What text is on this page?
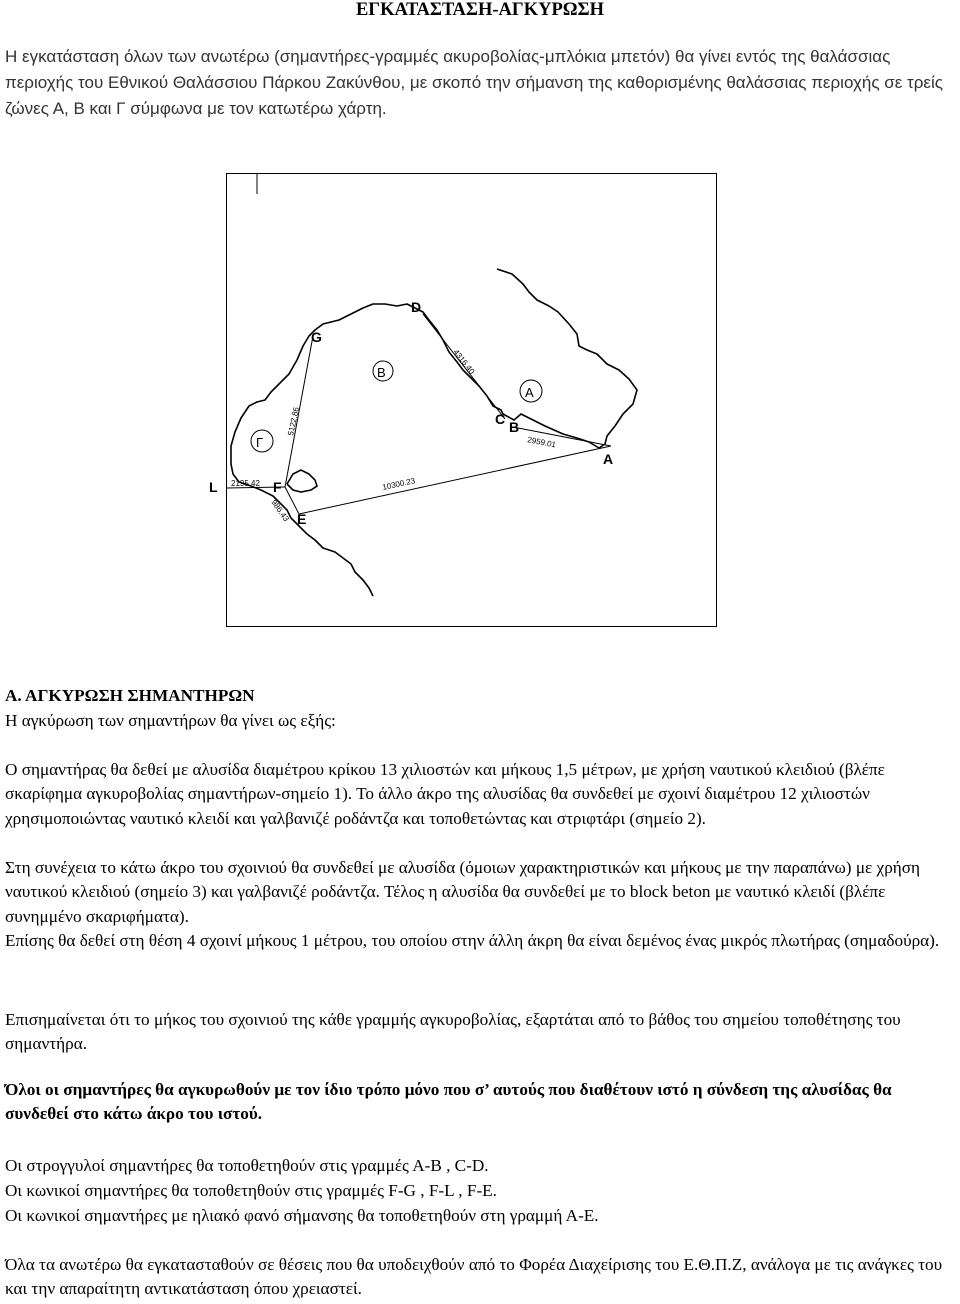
ΕΓΚΑΤΑΣΤΑΣΗ-ΑΓΚΥΡΩΣΗ

Η εγκατάσταση όλων των ανωτέρω (σημαντήρες-γραμμές ακυροβολίας-μπλόκια μπετόν) θα γίνει εντός της θαλάσσιας περιοχής του Εθνικού Θαλάσσιου Πάρκου Ζακύνθου, με σκοπό την σήμανση της καθορισμένης θαλάσσιας περιοχής σε τρείς ζώνες Α, Β και Γ σύμφωνα με τον κατωτέρω χάρτη.

D
G
C B
A
L	F
E
B
A
Γ
4316.40
5122.86
2959.01
2195.42	10300.23
986.43

Α. ΑΓΚΥΡΩΣΗ ΣΗΜΑΝΤΗΡΩΝ

Η αγκύρωση των σημαντήρων θα γίνει ως εξής:

Ο σημαντήρας θα δεθεί με αλυσίδα διαμέτρου κρίκου 13 χιλιοστών και μήκους 1,5 μέτρων, με χρήση ναυτικού κλειδιού (βλέπε σκαρίφημα αγκυροβολίας σημαντήρων-σημείο 1). Το άλλο άκρο της αλυσίδας θα συνδεθεί με σχοινί διαμέτρου 12 χιλιοστών χρησιμοποιώντας ναυτικό κλειδί και γαλβανιζέ ροδάντζα και τοποθετώντας και στριφτάρι (σημείο 2).

Στη συνέχεια το κάτω άκρο του σχοινιού θα συνδεθεί με αλυσίδα (όμοιων χαρακτηριστικών και μήκους με την παραπάνω) με χρήση ναυτικού κλειδιού (σημείο 3) και γαλβανιζέ ροδάντζα. Τέλος η αλυσίδα θα συνδεθεί με το block beton με ναυτικό κλειδί (βλέπε συνημμένο σκαριφήματα).

Επίσης θα δεθεί στη θέση 4 σχοινί μήκους 1 μέτρου, του οποίου στην άλλη άκρη θα είναι δεμένος ένας μικρός πλωτήρας (σημαδούρα).

Επισημαίνεται ότι το μήκος του σχοινιού της κάθε γραμμής αγκυροβολίας, εξαρτάται από το βάθος του σημείου τοποθέτησης του σημαντήρα.

Όλοι οι σημαντήρες θα αγκυρωθούν με τον ίδιο τρόπο μόνο που σ’ αυτούς που διαθέτουν ιστό η σύνδεση της αλυσίδας θα συνδεθεί στο κάτω άκρο του ιστού.

Οι στρογγυλοί σημαντήρες θα τοποθετηθούν στις γραμμές Α-Β , C-D.

Οι κωνικοί σημαντήρες θα τοποθετηθούν στις γραμμές F-G , F-L , F-E.

Οι κωνικοί σημαντήρες με ηλιακό φανό σήμανσης θα τοποθετηθούν στη γραμμή Α-Ε.

Όλα τα ανωτέρω θα εγκατασταθούν σε θέσεις που θα υποδειχθούν από το Φορέα Διαχείρισης του Ε.Θ.Π.Ζ, ανάλογα με τις ανάγκες του και την απαραίτητη αντικατάσταση όπου χρειαστεί.
